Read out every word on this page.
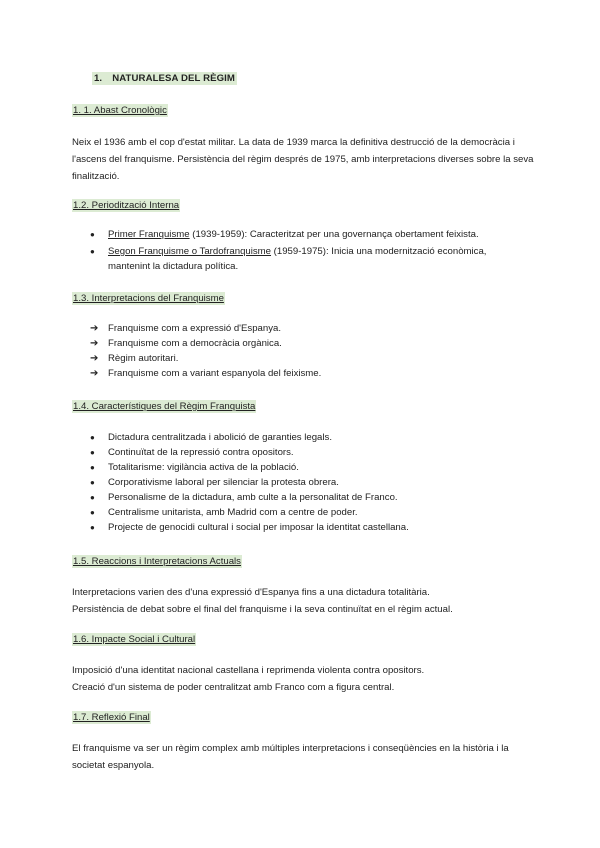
1. NATURALESA DEL RÈGIM
1. 1. Abast Cronològic
Neix el 1936 amb el cop d'estat militar. La data de 1939 marca la definitiva destrucció de la democràcia i l'ascens del franquisme. Persistència del règim després de 1975, amb interpretacions diverses sobre la seva finalització.
1.2. Periodització Interna
●	Primer Franquisme (1939-1959): Caracteritzat per una governança obertament feixista.
●	Segon Franquisme o Tardofranquisme (1959-1975): Inicia una modernització econòmica, mantenint la dictadura política.
1.3. Interpretacions del Franquisme
➔ Franquisme com a expressió d'Espanya.
➔ Franquisme com a democràcia orgànica.
➔ Règim autoritari.
➔ Franquisme com a variant espanyola del feixisme.
1.4. Característiques del Règim Franquista
●	Dictadura centralitzada i abolició de garanties legals.
●	Continuïtat de la repressió contra opositors.
●	Totalitarisme: vigilància activa de la població.
●	Corporativisme laboral per silenciar la protesta obrera.
●	Personalisme de la dictadura, amb culte a la personalitat de Franco.
●	Centralisme unitarista, amb Madrid com a centre de poder.
●	Projecte de genocidi cultural i social per imposar la identitat castellana.
1.5. Reaccions i Interpretacions Actuals
Interpretacions varien des d'una expressió d'Espanya fins a una dictadura totalitària.
Persistència de debat sobre el final del franquisme i la seva continuïtat en el règim actual.
1.6. Impacte Social i Cultural
Imposició d'una identitat nacional castellana i reprimenda violenta contra opositors.
Creació d'un sistema de poder centralitzat amb Franco com a figura central.
1.7. Reflexió Final
El franquisme va ser un règim complex amb múltiples interpretacions i conseqüències en la història i la societat espanyola.
